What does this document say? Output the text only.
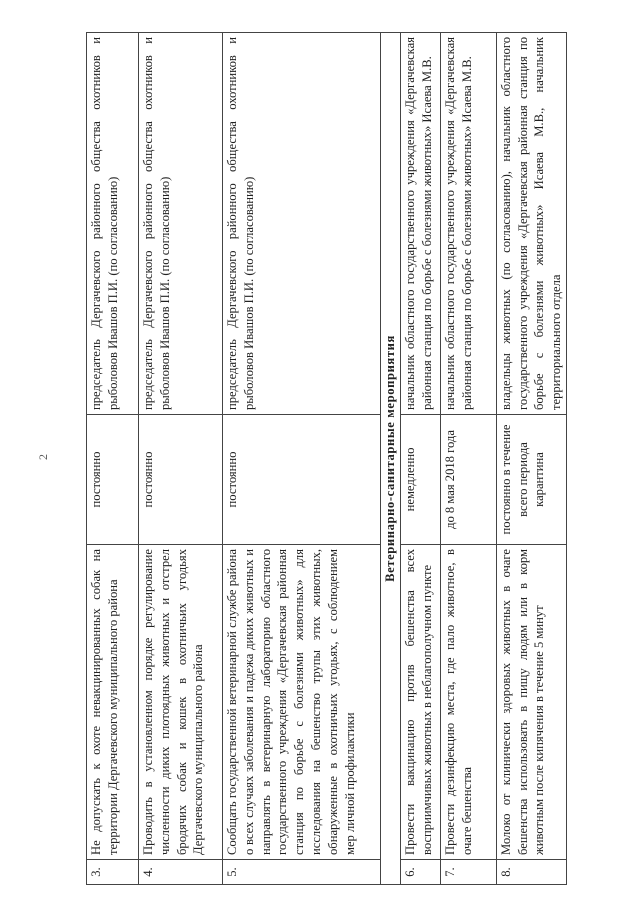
2
3.	Не допускать к охоте невакцинированных собак на территории Дергачевского муниципального района	постоянно	председатель Дергачевского районного общества охотников и рыболовов Ивашов П.И. (по согласованию)
4.	Проводить в установленном порядке регулирование численности диких плотоядных животных и отстрел бродячих собак и кошек в охотничьих угодьях Дергачевского муниципального района	постоянно	председатель Дергачевского районного общества охотников и рыболовов Ивашов П.И. (по согласованию)
5.	Сообщать государственной ветеринарной службе района о всех случаях заболевания и падежа диких животных и направлять в ветеринарную лабораторию областного государственного учреждения «Дергачевская районная станция по борьбе с болезнями животных» для исследования на бешенство трупы этих животных, обнаруженные в охотничьих угодьях, с соблюдением мер личной профилактики	постоянно	председатель Дергачевского районного общества охотников и рыболовов Ивашов П.И. (по согласованию)
Ветеринарно-санитарные мероприятия			
6.	Провести вакцинацию против бешенства всех восприимчивых животных в неблагополучном пункте	немедленно	начальник областного государственного учреждения «Дергачевская районная станция по борьбе с болезнями животных» Исаева М.В.
7.	Провести дезинфекцию места, где пало животное, в очаге бешенства	до 8 мая 2018 года	начальник областного государственного учреждения «Дергачевская районная станция по борьбе с болезнями животных» Исаева М.В.
8.	Молоко от клинически здоровых животных в очаге бешенства использовать в пищу людям или в корм животным после кипячения в течение 5 минут	постоянно в течение всего периода карантина	владельцы животных (по согласованию), начальник областного государственного учреждения «Дергачевская районная станция по борьбе с болезнями животных» Исаева М.В., начальник территориального отдела
